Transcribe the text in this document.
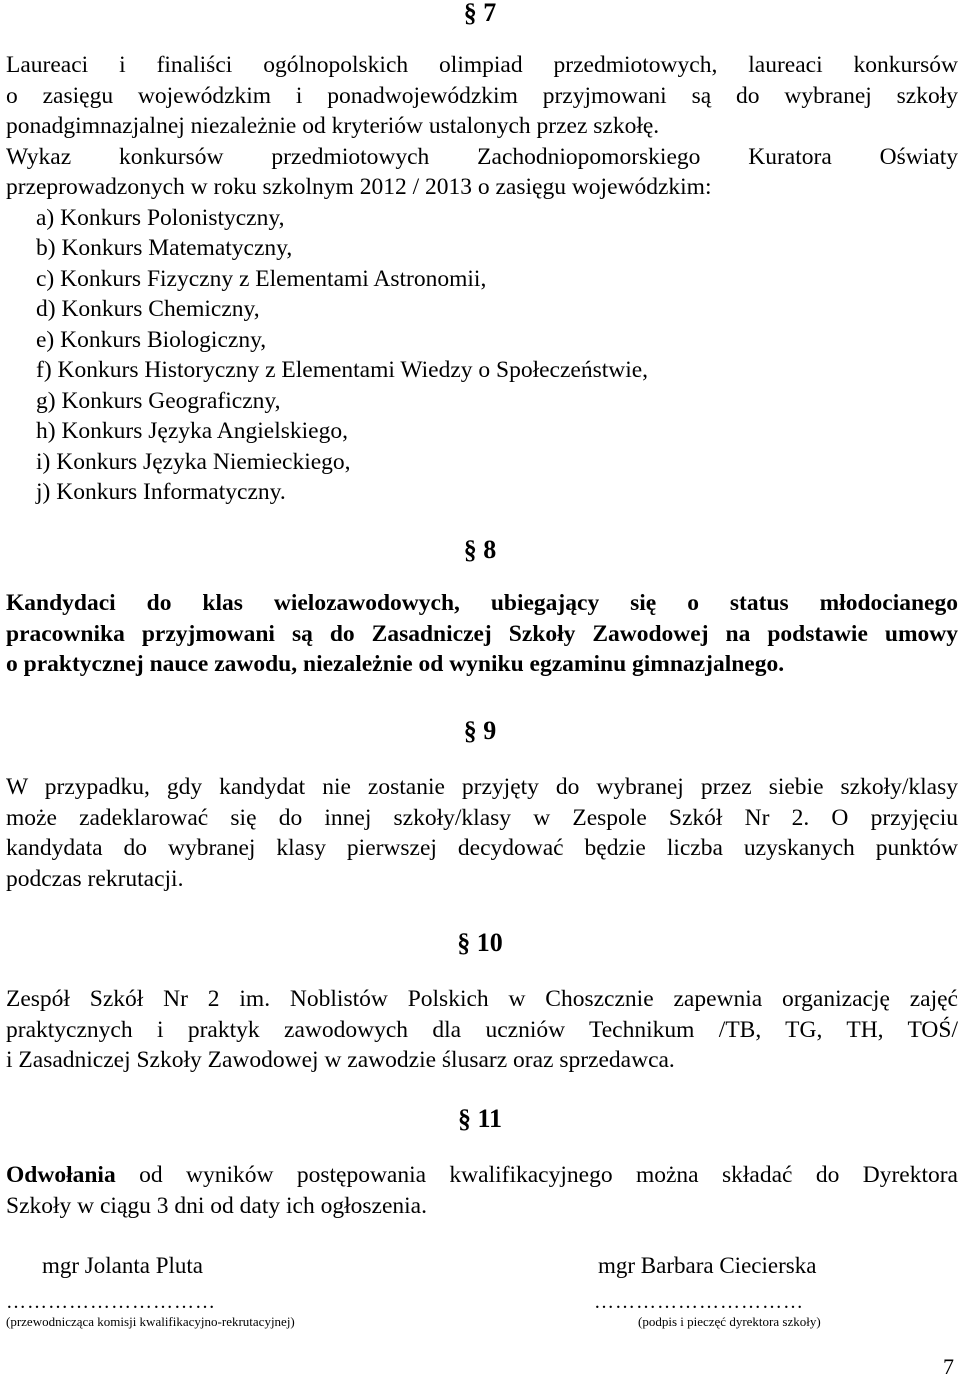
§ 7
Laureaci i finaliści ogólnopolskich olimpiad przedmiotowych, laureaci konkursów
o zasięgu wojewódzkim i ponadwojewódzkim przyjmowani są do wybranej szkoły
ponadgimnazjalnej niezależnie od kryteriów ustalonych przez szkołę.
Wykaz konkursów przedmiotowych Zachodniopomorskiego Kuratora Oświaty
przeprowadzonych w roku szkolnym 2012 / 2013 o zasięgu wojewódzkim:
a) Konkurs Polonistyczny,
b) Konkurs Matematyczny,
c) Konkurs Fizyczny z Elementami Astronomii,
d) Konkurs Chemiczny,
e) Konkurs Biologiczny,
f) Konkurs Historyczny z Elementami Wiedzy o Społeczeństwie,
g) Konkurs Geograficzny,
h) Konkurs Języka Angielskiego,
i) Konkurs Języka Niemieckiego,
j) Konkurs Informatyczny.
§ 8
Kandydaci do klas wielozawodowych, ubiegający się o status młodocianego
pracownika przyjmowani są do Zasadniczej Szkoły Zawodowej na podstawie umowy
o praktycznej nauce zawodu, niezależnie od wyniku egzaminu gimnazjalnego.
§ 9
W przypadku, gdy kandydat nie zostanie przyjęty do wybranej przez siebie szkoły/klasy
może zadeklarować się do innej szkoły/klasy w Zespole Szkół Nr 2. O przyjęciu
kandydata do wybranej klasy pierwszej decydować będzie liczba uzyskanych punktów
podczas rekrutacji.
§ 10
Zespół Szkół Nr 2 im. Noblistów Polskich w Choszcznie zapewnia organizację zajęć
praktycznych i praktyk zawodowych dla uczniów Technikum /TB, TG, TH, TOŚ/
i Zasadniczej Szkoły Zawodowej w zawodzie ślusarz oraz sprzedawca.
§ 11
Odwołania od wyników postępowania kwalifikacyjnego można składać do Dyrektora
Szkoły w ciągu 3 dni od daty ich ogłoszenia.
mgr Jolanta Pluta	mgr Barbara Ciecierska
…………………………	…………………………
(przewodnicząca komisji kwalifikacyjno-rekrutacyjnej)	(podpis i pieczęć dyrektora szkoły)
7
